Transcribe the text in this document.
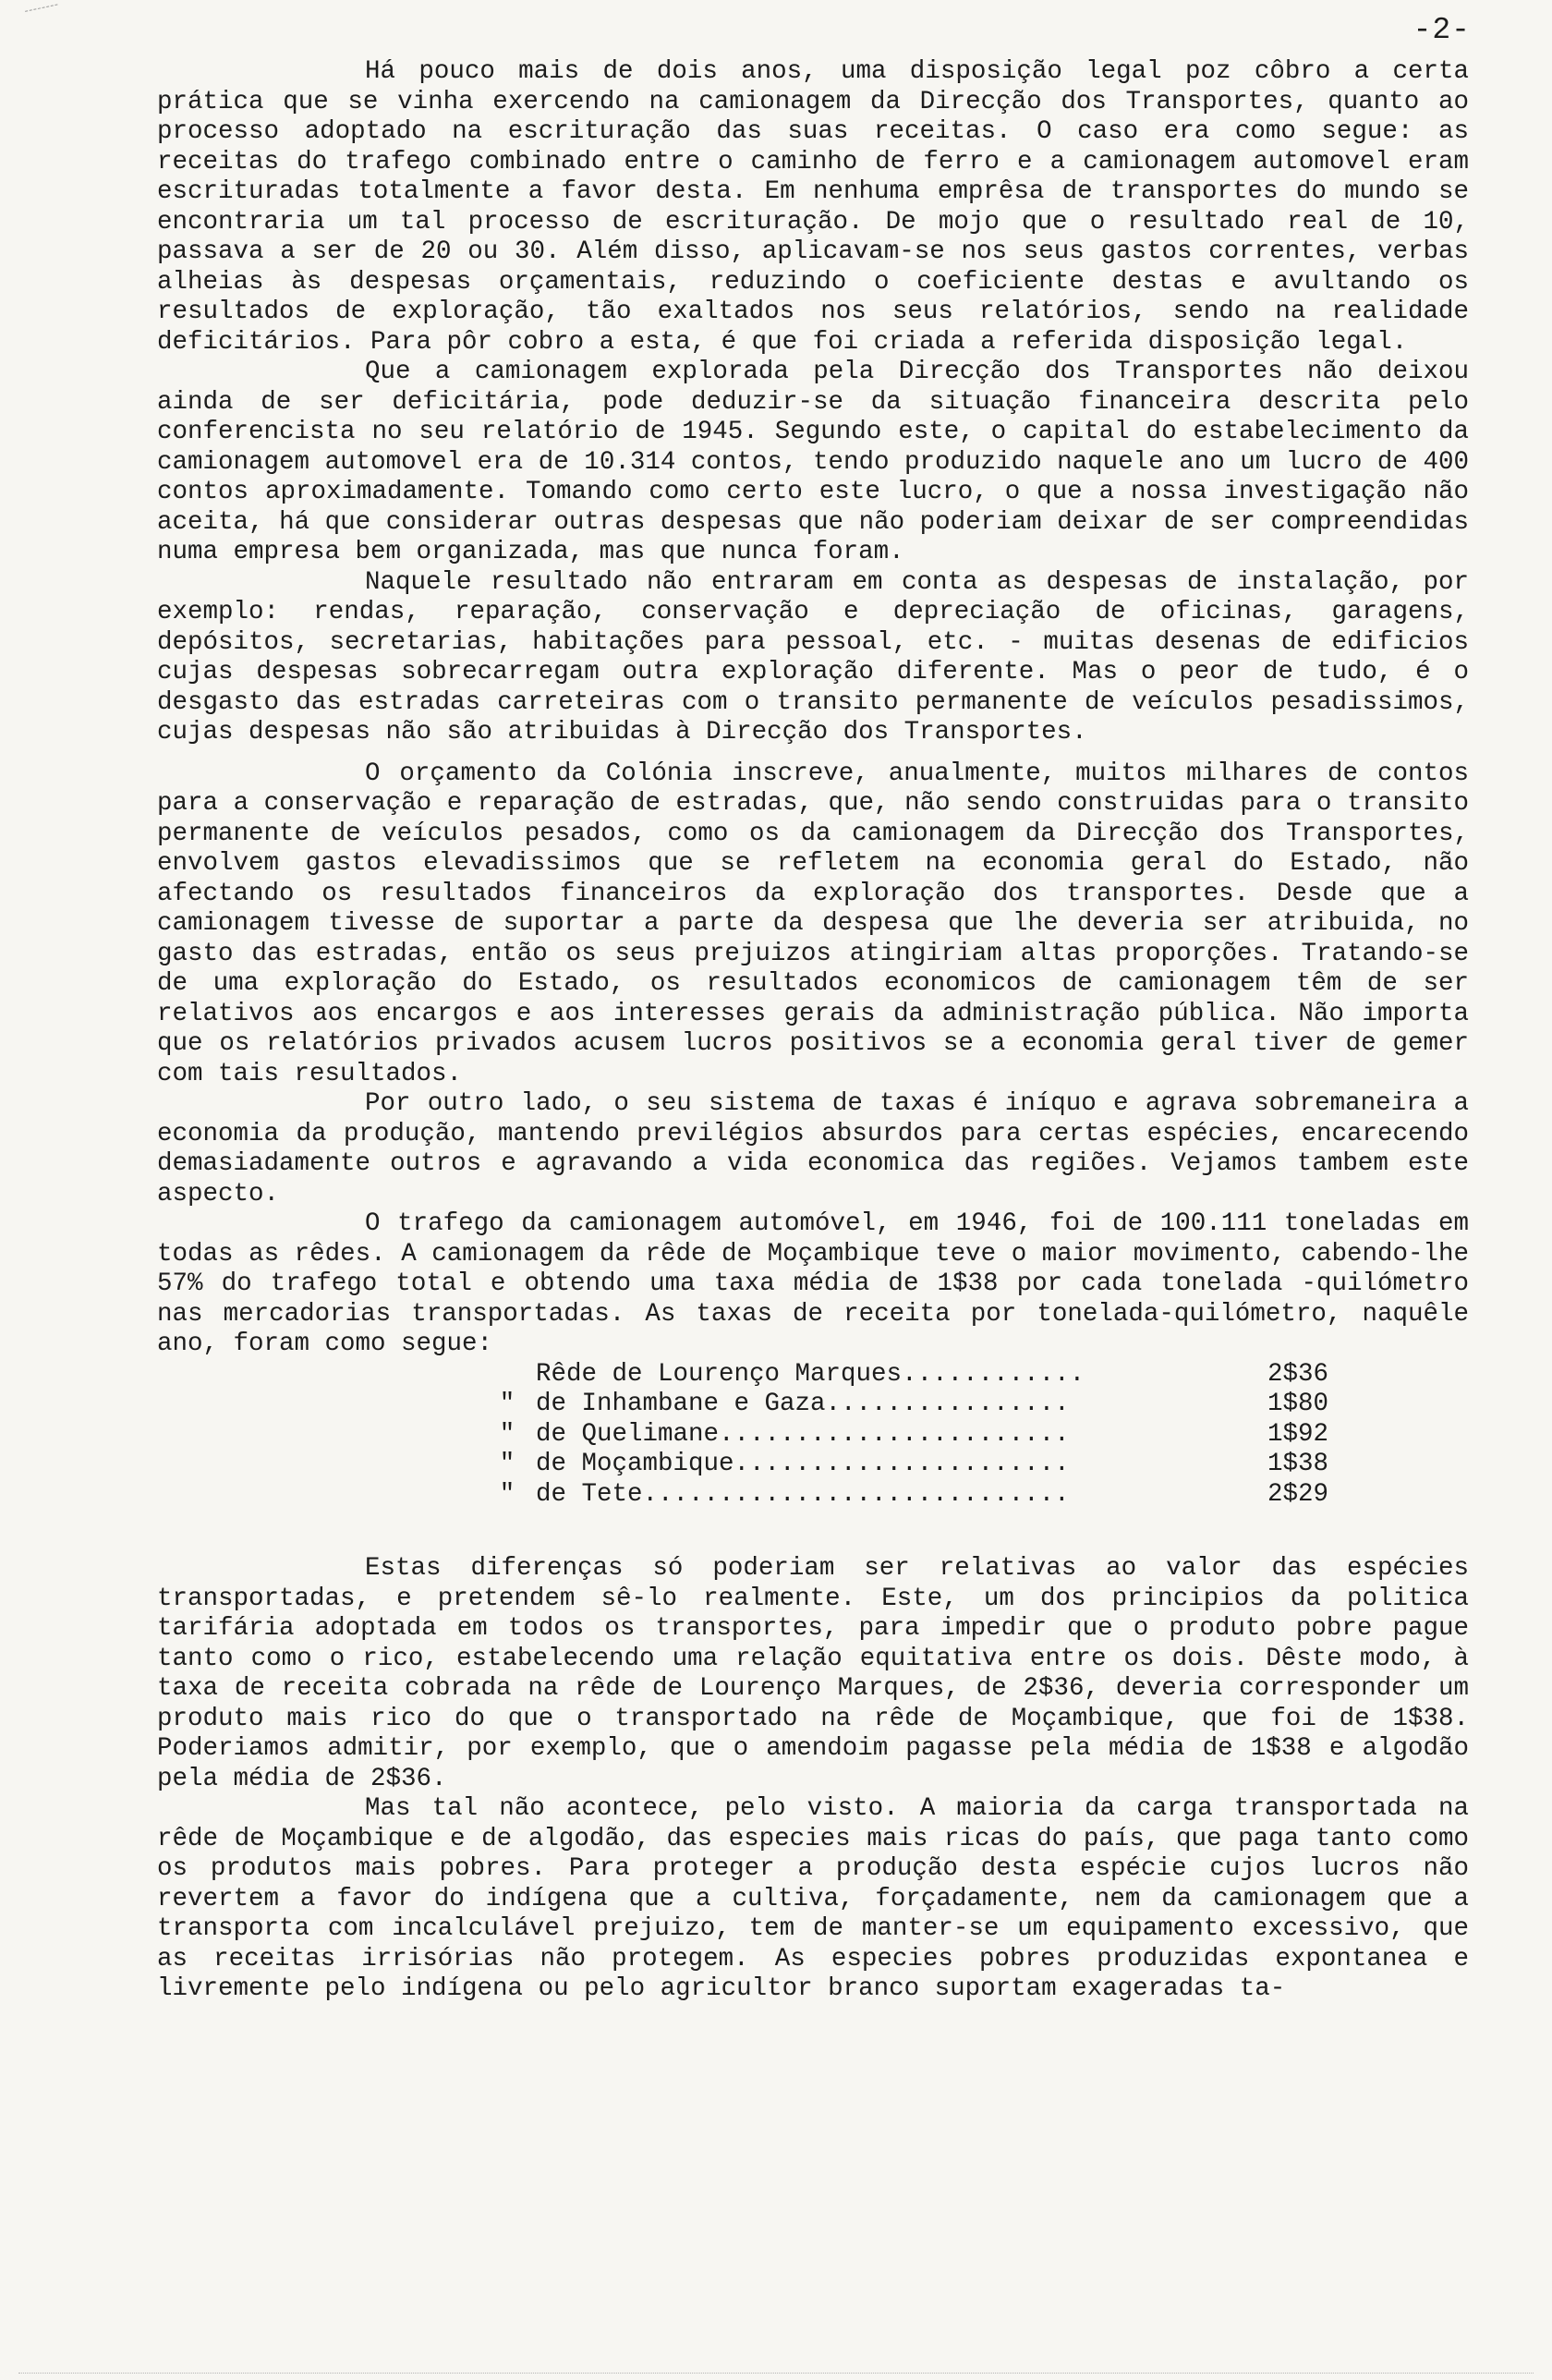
-2-

Há pouco mais de dois anos, uma disposição legal poz côbro a certa prática que se vinha exercendo na camionagem da Direcção dos Transportes, quanto ao processo adoptado na escrituração das suas receitas. O caso era como segue: as receitas do trafego combinado entre o caminho de ferro e a camionagem automovel eram escrituradas totalmente a favor desta. Em nenhuma emprêsa de transportes do mundo se encontraria um tal processo de escrituração. De mojo que o resultado real de 10, passava a ser de 20 ou 30. Além disso, aplicavam-se nos seus gastos correntes, verbas alheias às despesas orçamentais, reduzindo o coeficiente destas e avultando os resultados de exploração, tão exaltados nos seus relatórios, sendo na realidade deficitários. Para pôr cobro a esta, é que foi criada a referida disposição legal.

Que a camionagem explorada pela Direcção dos Transportes não deixou ainda de ser deficitária, pode deduzir-se da situação financeira descrita pelo conferencista no seu relatório de 1945. Segundo este, o capital do estabelecimento da camionagem automovel era de 10.314 contos, tendo produzido naquele ano um lucro de 400 contos aproximadamente. Tomando como certo este lucro, o que a nossa investigação não aceita, há que considerar outras despesas que não poderiam deixar de ser compreendidas numa empresa bem organizada, mas que nunca foram.

Naquele resultado não entraram em conta as despesas de instalação, por exemplo: rendas, reparação, conservação e depreciação de oficinas, garagens, depósitos, secretarias, habitações para pessoal, etc. - muitas desenas de edificios cujas despesas sobrecarregam outra exploração diferente. Mas o peor de tudo, é o desgasto das estradas carreteiras com o transito permanente de veículos pesadissimos, cujas despesas não são atribuidas à Direcção dos Transportes.

O orçamento da Colónia inscreve, anualmente, muitos milhares de contos para a conservação e reparação de estradas, que, não sendo construidas para o transito permanente de veículos pesados, como os da camionagem da Direcção dos Transportes, envolvem gastos elevadissimos que se refletem na economia geral do Estado, não afectando os resultados financeiros da exploração dos transportes. Desde que a camionagem tivesse de suportar a parte da despesa que lhe deveria ser atribuida, no gasto das estradas, então os seus prejuizos atingiriam altas proporções. Tratando-se de uma exploração do Estado, os resultados economicos de camionagem têm de ser relativos aos encargos e aos interesses gerais da administração pública. Não importa que os relatórios privados acusem lucros positivos se a economia geral tiver de gemer com tais resultados.

Por outro lado, o seu sistema de taxas é iníquo e agrava sobremaneira a economia da produção, mantendo previlégios absurdos para certas espécies, encarecendo demasiadamente outros e agravando a vida economica das regiões. Vejamos tambem este aspecto.

O trafego da camionagem automóvel, em 1946, foi de 100.111 toneladas em todas as rêdes. A camionagem da rêde de Moçambique teve o maior movimento, cabendo-lhe 57% do trafego total e obtendo uma taxa média de 1$38 por cada tonelada -quilómetro nas mercadorias transportadas. As taxas de receita por tonelada-quilómetro, naquêle ano, foram como segue:

	Rêde de Lourenço Marques............	2$36
"	de Inhambane e Gaza................	1$80
"	de Quelimane.......................	1$92
"	de Moçambique......................	1$38
"	de Tete............................	2$29

Estas diferenças só poderiam ser relativas ao valor das espécies transportadas, e pretendem sê-lo realmente. Este, um dos principios da politica tarifária adoptada em todos os transportes, para impedir que o produto pobre pague tanto como o rico, estabelecendo uma relação equitativa entre os dois. Dêste modo, à taxa de receita cobrada na rêde de Lourenço Marques, de 2$36, deveria corresponder um produto mais rico do que o transportado na rêde de Moçambique, que foi de 1$38. Poderiamos admitir, por exemplo, que o amendoim pagasse pela média de 1$38 e algodão pela média de 2$36.

Mas tal não acontece, pelo visto. A maioria da carga transportada na rêde de Moçambique e de algodão, das especies mais ricas do país, que paga tanto como os produtos mais pobres. Para proteger a produção desta espécie cujos lucros não revertem a favor do indígena que a cultiva, forçadamente, nem da camionagem que a transporta com incalculável prejuizo, tem de manter-se um equipamento excessivo, que as receitas irrisórias não protegem. As especies pobres produzidas expontanea e livremente pelo indígena ou pelo agricultor branco suportam exageradas ta-
